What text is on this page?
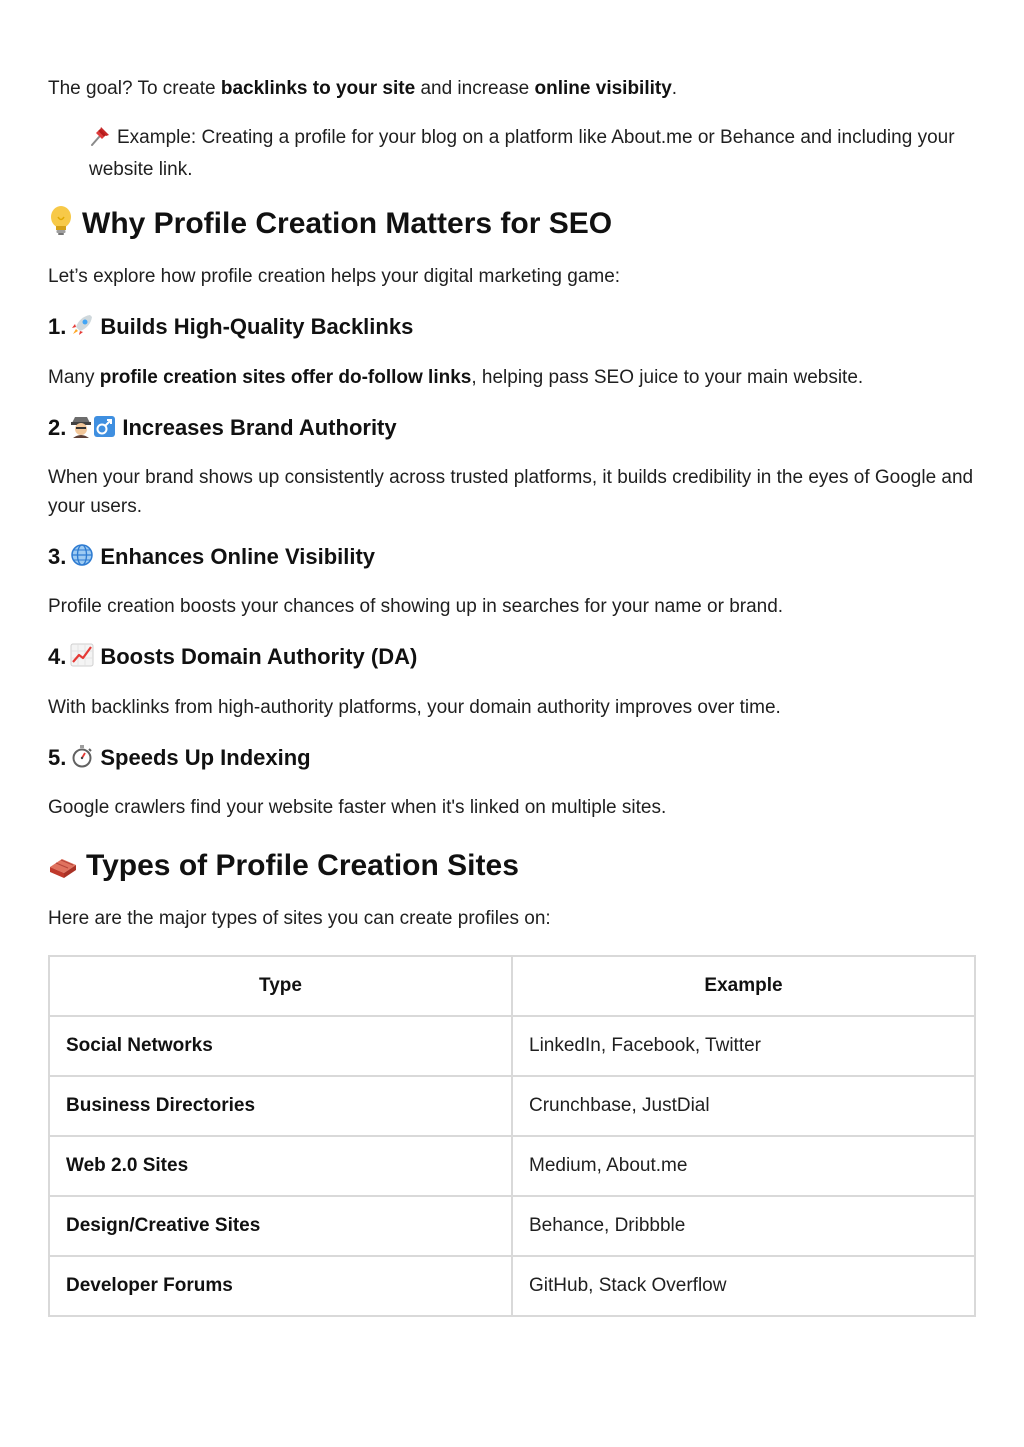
The goal? To create backlinks to your site and increase online visibility.

Example: Creating a profile for your blog on a platform like About.me or Behance and including your website link.

Why Profile Creation Matters for SEO

Let’s explore how profile creation helps your digital marketing game:

1. Builds High-Quality Backlinks

Many profile creation sites offer do-follow links, helping pass SEO juice to your main website.

2.	Increases Brand Authority

When your brand shows up consistently across trusted platforms, it builds credibility in the eyes of Google and your users.

3. Enhances Online Visibility

Profile creation boosts your chances of showing up in searches for your name or brand.

4. Boosts Domain Authority (DA)

With backlinks from high-authority platforms, your domain authority improves over time.

5. Speeds Up Indexing

Google crawlers find your website faster when it's linked on multiple sites.

Types of Profile Creation Sites

Here are the major types of sites you can create profiles on:

Type	Example
Social Networks	LinkedIn, Facebook, Twitter
Business Directories	Crunchbase, JustDial
Web 2.0 Sites	Medium, About.me
Design/Creative Sites	Behance, Dribbble
Developer Forums	GitHub, Stack Overflow
